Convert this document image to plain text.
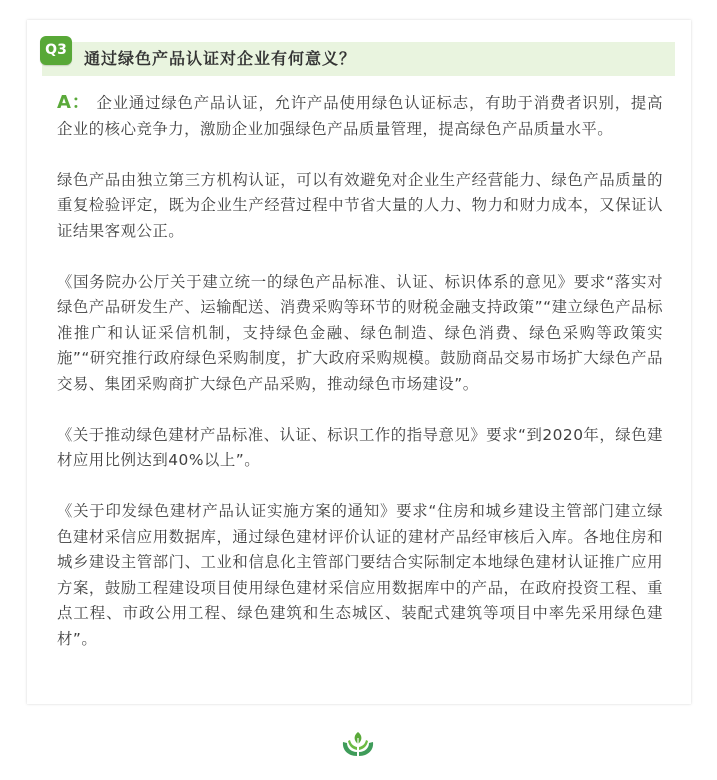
Q3	通过绿色产品认证对企业有何意义？

A： 企业通过绿色产品认证，允许产品使用绿色认证标志，有助于消费者识别，提高企业的核心竞争力，激励企业加强绿色产品质量管理，提高绿色产品质量水平。

绿色产品由独立第三方机构认证，可以有效避免对企业生产经营能力、绿色产品质量的重复检验评定，既为企业生产经营过程中节省大量的人力、物力和财力成本，又保证认证结果客观公正。

《国务院办公厅关于建立统一的绿色产品标准、认证、标识体系的意见》要求“落实对绿色产品研发生产、运输配送、消费采购等环节的财税金融支持政策”“建立绿色产品标准推广和认证采信机制，支持绿色金融、绿色制造、绿色消费、绿色采购等政策实施”“研究推行政府绿色采购制度，扩大政府采购规模。鼓励商品交易市场扩大绿色产品交易、集团采购商扩大绿色产品采购，推动绿色市场建设”。

《关于推动绿色建材产品标准、认证、标识工作的指导意见》要求“到2020年，绿色建材应用比例达到40%以上”。

《关于印发绿色建材产品认证实施方案的通知》要求“住房和城乡建设主管部门建立绿色建材采信应用数据库，通过绿色建材评价认证的建材产品经审核后入库。各地住房和城乡建设主管部门、工业和信息化主管部门要结合实际制定本地绿色建材认证推广应用方案，鼓励工程建设项目使用绿色建材采信应用数据库中的产品，在政府投资工程、重点工程、市政公用工程、绿色建筑和生态城区、装配式建筑等项目中率先采用绿色建材”。
